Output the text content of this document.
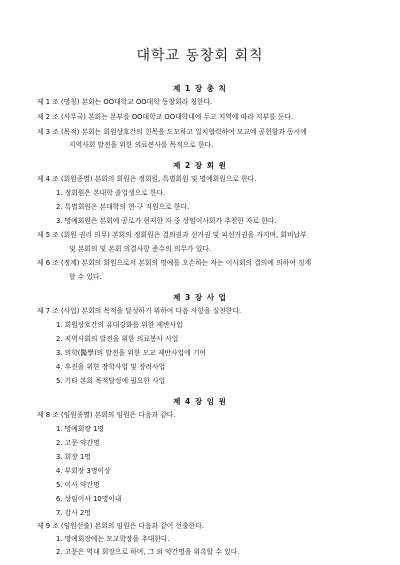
대학교 동창회 회칙
제 1 장 총 칙
제 1 조 (명칭) 본회는 OO대학교 OO대학 동창회라 칭한다.
제 2 조 (사무국) 본회는 본부를 OO대학교 OO대학내에 두고 지역에 따라 지부를 둔다.
제 3 조 (목적) 본회는 회원상호간의 친목을 도모하고 일치협력하여 모교에 공헌함과 동시에
지역사회 발전을 위한 의료봉사를 목적으로 한다.
제 2 장 회 원
제 4 조 (회원종별) 본회의 회원은 정회원, 특별회원 및 명예회원으로 한다.
1. 정회원은 본대학 졸업생으로 한다.
2. 특별회원은 본대학의 현·구 직원으로 한다.
3. 명예회원은 본회에 공로가 현저한 자 중 상임이사회가 추천한 자로 한다.
제 5 조 (회원 권리 의무) 본회의 정회원은 결의권과 선거권 및 피선거권을 가지며, 회비납부
및 본회의 및 본회 의결사항 준수의 의무가 있다.
제 6 조 (징계) 본회의 회원으로서 본회의 명예를 오손하는 자는 이사회의 결의에 의하여 징계
할 수 있다.
제 3 장 사 업
제 7 조 (사업) 본회의 목적을 달성하기 위하여 다음 사항을 실천한다.
1. 회원상호간의 유대강화를 위한 제반사업
2. 지역사회의 발전을 위한 의료봉사 사업
3. 의학(醫學)의 발전을 위한 모교 제반사업에 기여
4. 후진을 위한 장학사업 및 장려사업
5. 기타 본회 목적달성에 필요한 사업
제 4 장 임 원
제 8 조 (임원종별) 본회의 임원은 다음과 같다.
1. 명예회장 1명
2. 고문 약간명
3. 회장 1명
4. 부회장 3명이상
5. 이사 약간명
6. 상임이사 10명이내
7. 감사 2명
제 9 조 (임원선출) 본회의 임원은 다음과 같이 선출한다.
1. 명예회장에는 모교학장을 추대한다.
2. 고문은 역대 회장으로 하며, 그 외 약간명을 위촉할 수 있다.
